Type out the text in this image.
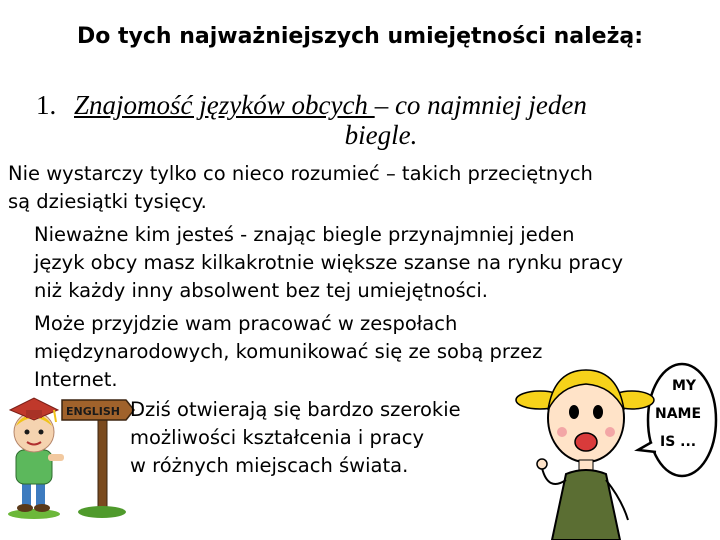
Do tych najważniejszych umiejętności należą:
1. Znajomość języków obcych – co najmniej jeden
biegle.
Nie wystarczy tylko co nieco rozumieć – takich przeciętnych
są dziesiątki tysięcy.
Nieważne kim jesteś - znając biegle przynajmniej jeden
język obcy masz kilkakrotnie większe szanse na rynku pracy
niż każdy inny absolwent bez tej umiejętności.
Może przyjdzie wam pracować w zespołach
międzynarodowych, komunikować się ze sobą przez
Internet.
ENGLISH Dziś otwierają się bardzo szerokie
możliwości kształcenia i pracy
w różnych miejscach świata.
MY
NAME
IS ...
